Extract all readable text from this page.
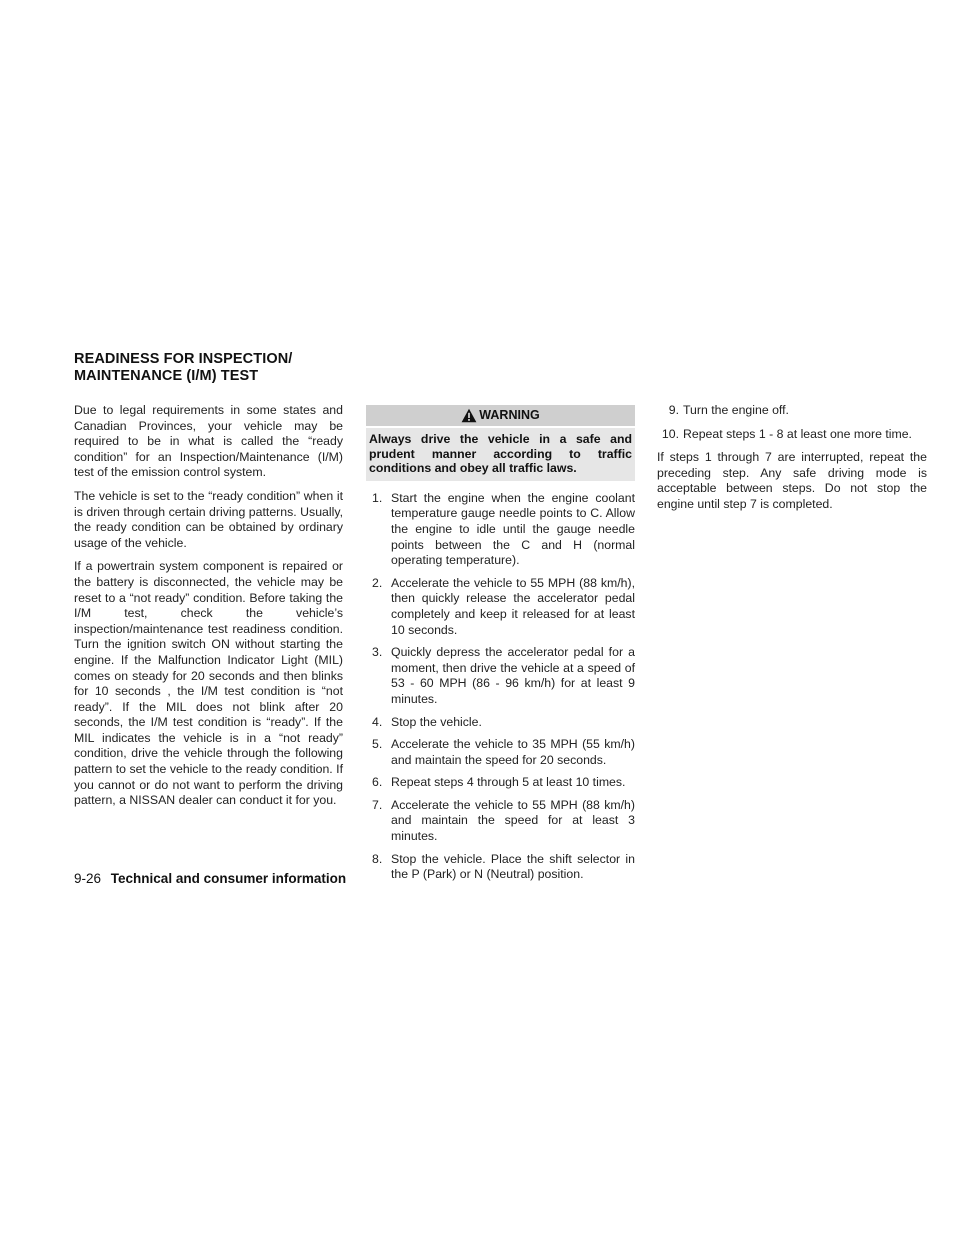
READINESS FOR INSPECTION/
MAINTENANCE (I/M) TEST

Due to legal requirements in some states and Canadian Provinces, your vehicle may be required to be in what is called the “ready condition” for an Inspection/Maintenance (I/M) test of the emission control system.

The vehicle is set to the “ready condition” when it is driven through certain driving patterns. Usually, the ready condition can be obtained by ordinary usage of the vehicle.

If a powertrain system component is repaired or the battery is disconnected, the vehicle may be reset to a “not ready” condition. Before taking the I/M test, check the vehicle’s inspection/maintenance test readiness condition. Turn the ignition switch ON without starting the engine. If the Malfunction Indicator Light (MIL) comes on steady for 20 seconds and then blinks for 10 seconds , the I/M test condition is “not ready”. If the MIL does not blink after 20 seconds, the I/M test condition is “ready”. If the MIL indicates the vehicle is in a “not ready” condition, drive the vehicle through the following pattern to set the vehicle to the ready condition. If you cannot or do not want to perform the driving pattern, a NISSAN dealer can conduct it for you.

WARNING
Always drive the vehicle in a safe and prudent manner according to traffic conditions and obey all traffic laws.
1. Start the engine when the engine coolant temperature gauge needle points to C. Allow the engine to idle until the gauge needle points between the C and H (normal operating temperature).
2. Accelerate the vehicle to 55 MPH (88 km/h), then quickly release the accelerator pedal completely and keep it released for at least 10 seconds.
3. Quickly depress the accelerator pedal for a moment, then drive the vehicle at a speed of 53 - 60 MPH (86 - 96 km/h) for at least 9 minutes.
4. Stop the vehicle.
5. Accelerate the vehicle to 35 MPH (55 km/h) and maintain the speed for 20 seconds.
6. Repeat steps 4 through 5 at least 10 times.
7. Accelerate the vehicle to 55 MPH (88 km/h) and maintain the speed for at least 3 minutes.
8. Stop the vehicle. Place the shift selector in the P (Park) or N (Neutral) position.
9. Turn the engine off.
10. Repeat steps 1 - 8 at least one more time.

If steps 1 through 7 are interrupted, repeat the preceding step. Any safe driving mode is acceptable between steps. Do not stop the engine until step 7 is completed.

9-26 Technical and consumer information
